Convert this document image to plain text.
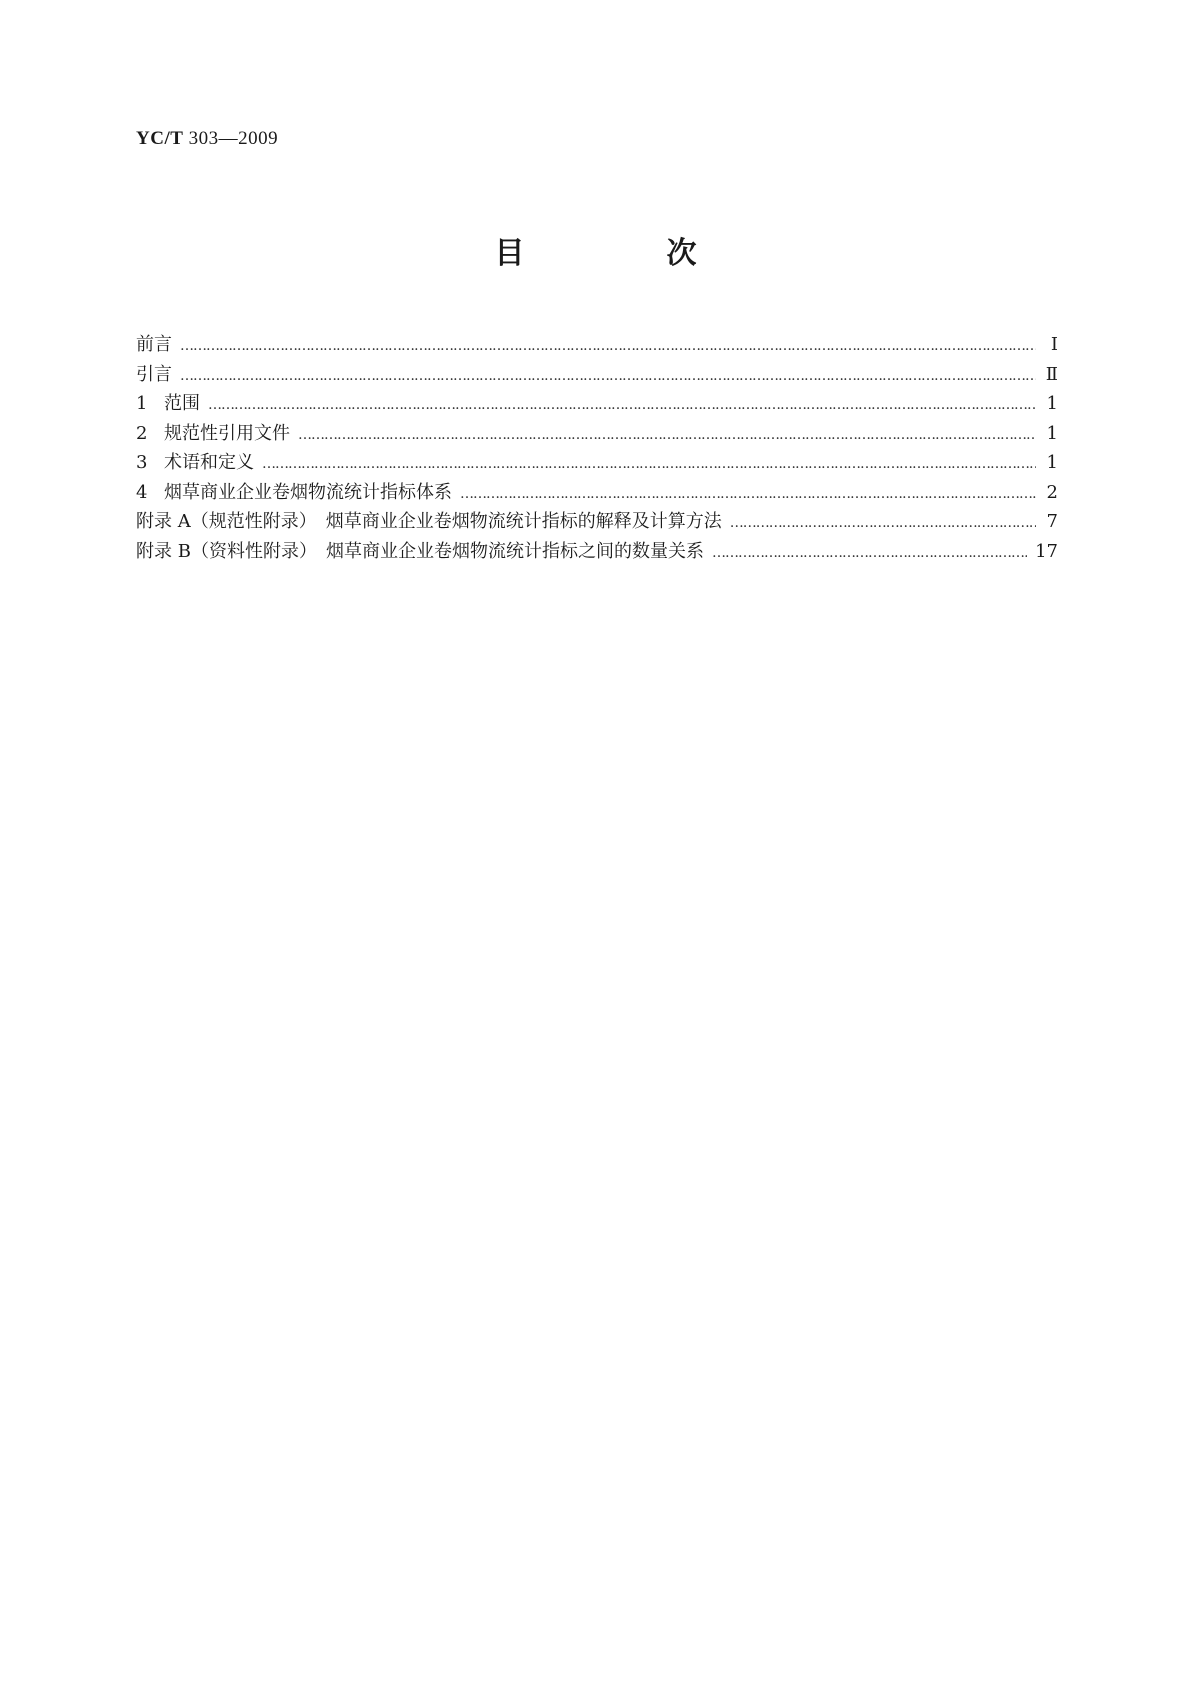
YC/T 303—2009
目　次
前言 ……………………………………………………………………………………………………………………………………………………………………………………………………………………………………	Ⅰ
引言 ……………………………………………………………………………………………………………………………………………………………………………………………………………………………………	Ⅱ
1 范围 ……………………………………………………………………………………………………………………………………………………………………………………………………………………………………	1
2 规范性引用文件 ……………………………………………………………………………………………………………………………………………………………………………………………………………………………………	1
3 术语和定义 ……………………………………………………………………………………………………………………………………………………………………………………………………………………………………	1
4 烟草商业企业卷烟物流统计指标体系 ……………………………………………………………………………………………………………………………………………………………………………………………………………………………………	2
附录 A（规范性附录）　烟草商业企业卷烟物流统计指标的解释及计算方法 ……………………………………………………………………………………………………………………………………………………………………………………………………………………………………	7
附录 B（资料性附录）　烟草商业企业卷烟物流统计指标之间的数量关系 ……………………………………………………………………………………………………………………………………………………………………………………………………………………………………	17
